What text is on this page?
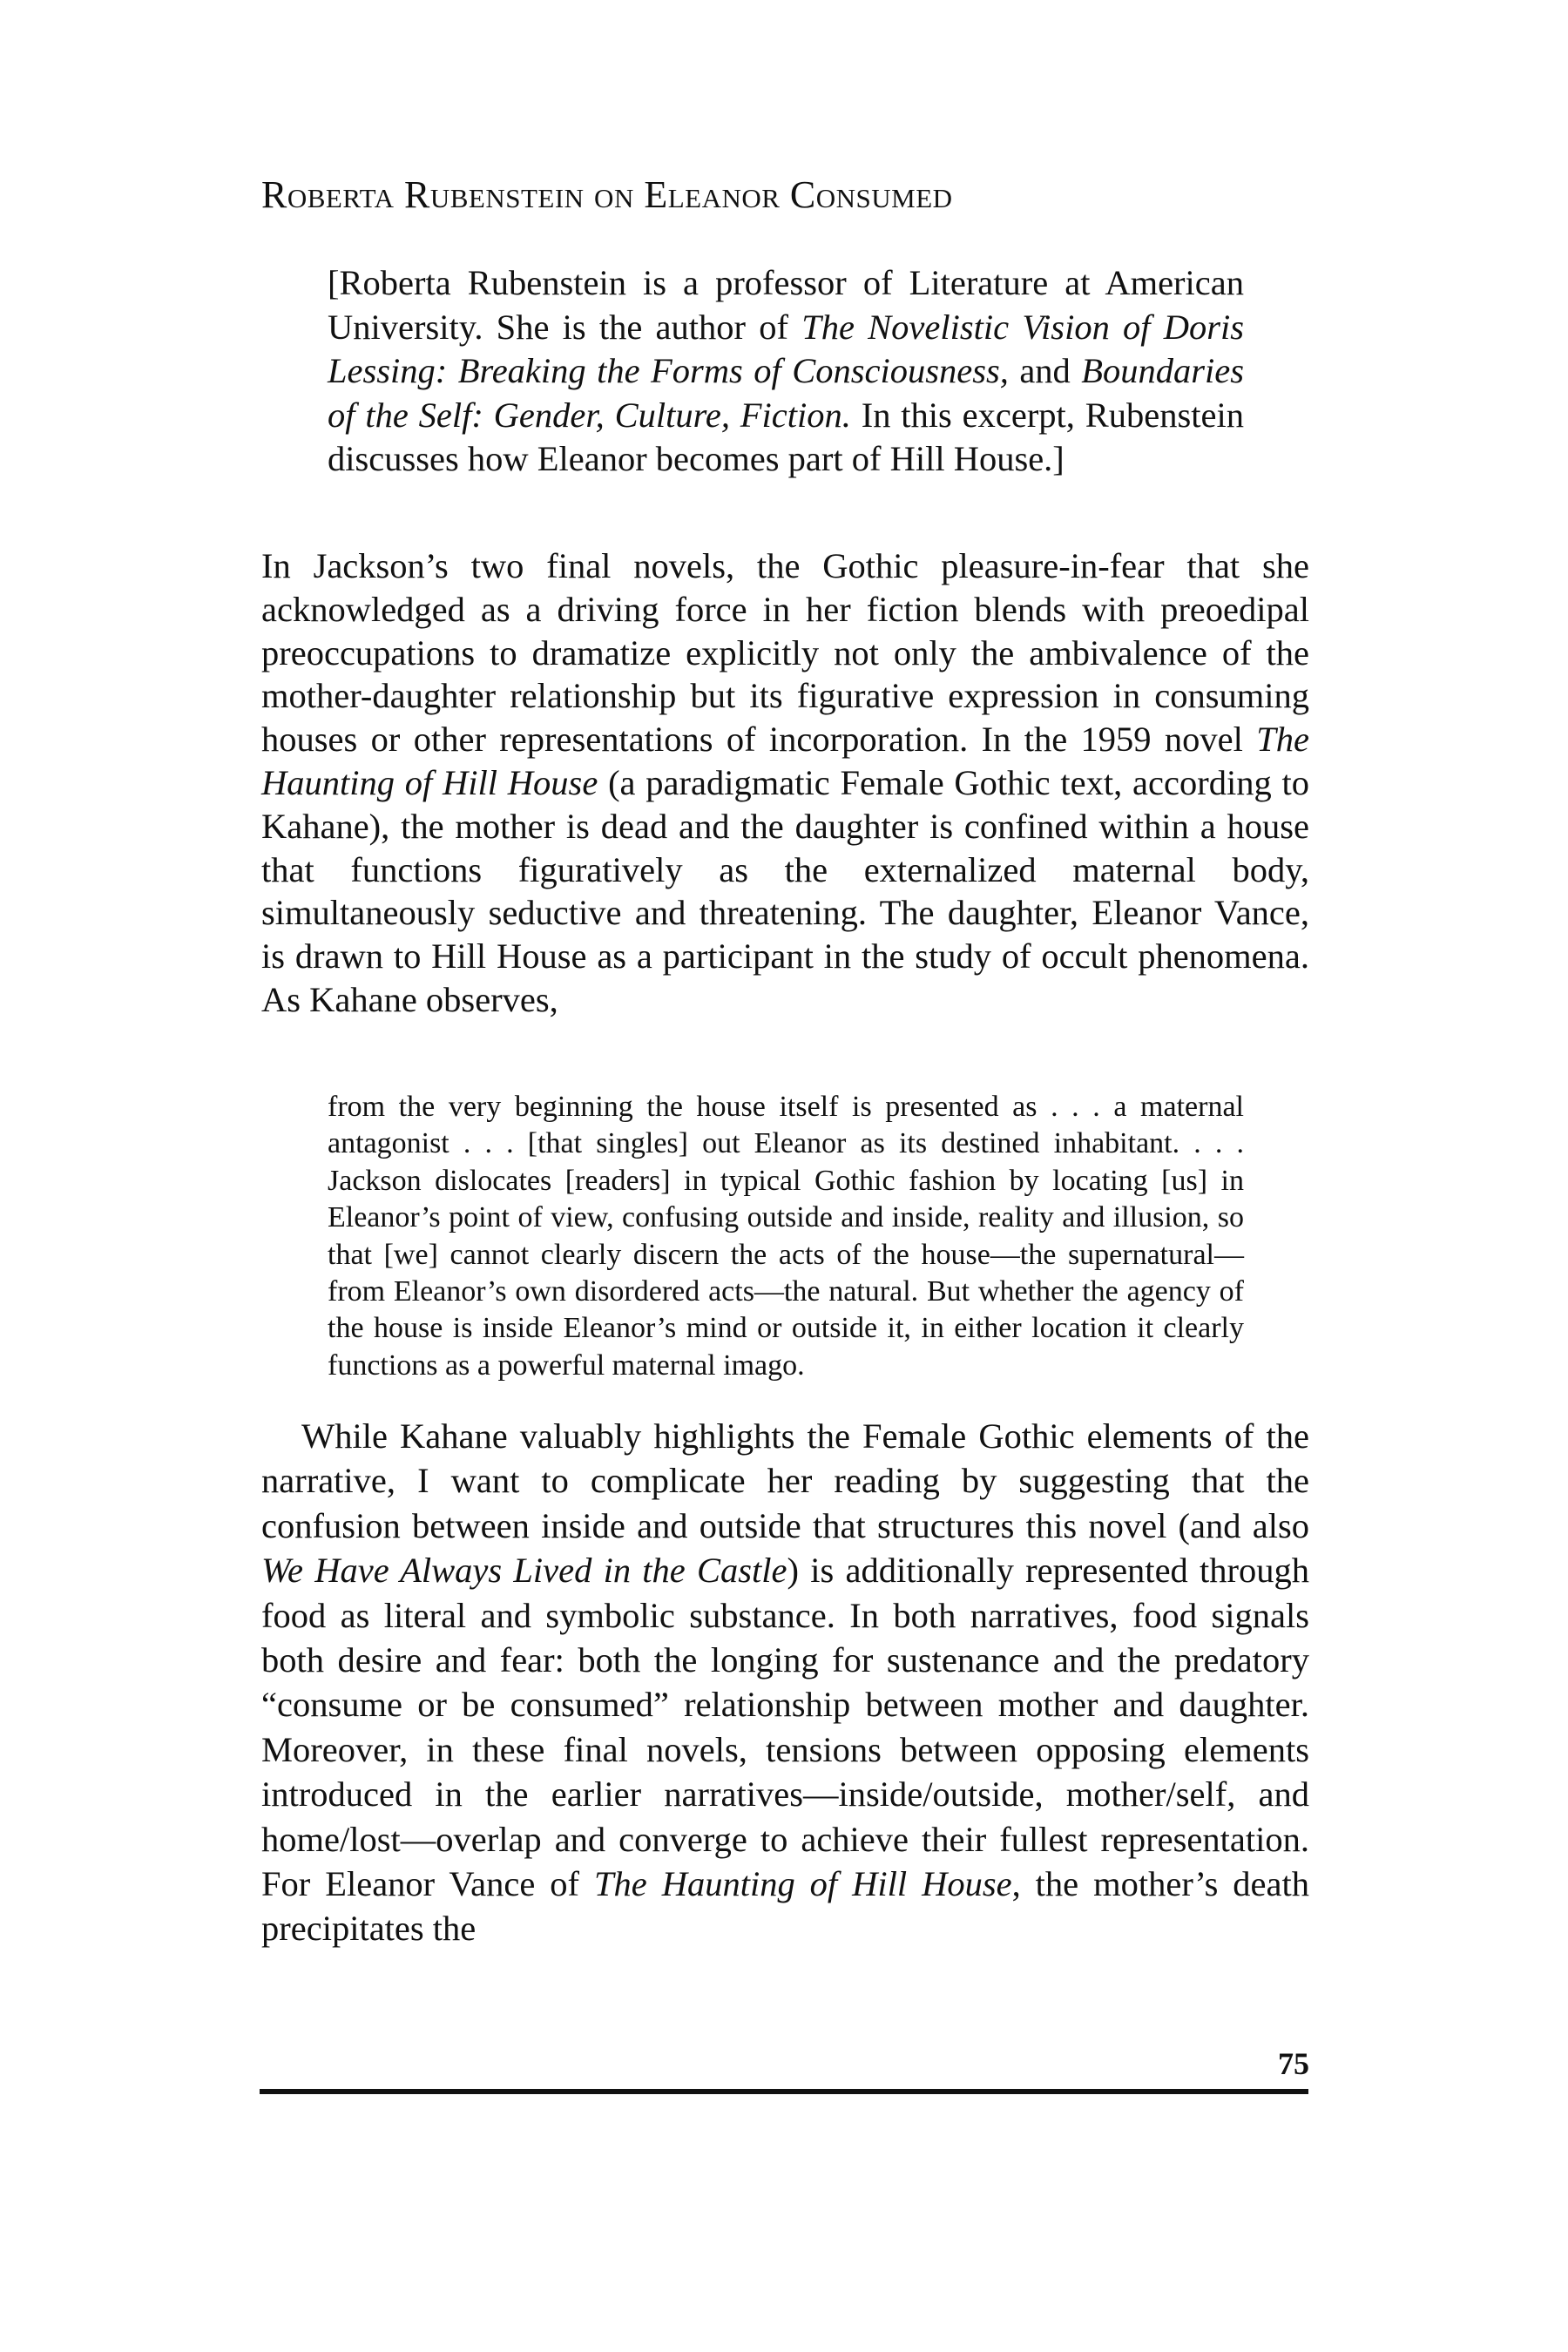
Roberta Rubenstein on Eleanor Consumed
[Roberta Rubenstein is a professor of Literature at American University. She is the author of The Novelistic Vision of Doris Lessing: Breaking the Forms of Consciousness, and Boundaries of the Self: Gender, Culture, Fiction. In this excerpt, Rubenstein discusses how Eleanor becomes part of Hill House.]
In Jackson’s two final novels, the Gothic pleasure-in-fear that she acknowledged as a driving force in her fiction blends with preoedipal preoccupations to dramatize explicitly not only the ambivalence of the mother-daughter relationship but its figurative expression in consuming houses or other representations of incorporation. In the 1959 novel The Haunting of Hill House (a paradigmatic Female Gothic text, according to Kahane), the mother is dead and the daughter is confined within a house that functions figuratively as the externalized maternal body, simultaneously seductive and threatening. The daughter, Eleanor Vance, is drawn to Hill House as a participant in the study of occult phenomena. As Kahane observes,
from the very beginning the house itself is presented as . . . a maternal antagonist . . . [that singles] out Eleanor as its destined inhabitant. . . . Jackson dislocates [readers] in typical Gothic fashion by locating [us] in Eleanor’s point of view, confusing outside and inside, reality and illusion, so that [we] cannot clearly discern the acts of the house—the supernatural—from Eleanor’s own disordered acts—the natural. But whether the agency of the house is inside Eleanor’s mind or outside it, in either location it clearly functions as a powerful maternal imago.
While Kahane valuably highlights the Female Gothic elements of the narrative, I want to complicate her reading by suggesting that the confusion between inside and outside that structures this novel (and also We Have Always Lived in the Castle) is additionally represented through food as literal and symbolic substance. In both narratives, food signals both desire and fear: both the longing for sustenance and the predatory “consume or be consumed” relationship between mother and daughter. Moreover, in these final novels, tensions between opposing elements introduced in the earlier narratives—inside/outside, mother/self, and home/lost—overlap and converge to achieve their fullest representation. For Eleanor Vance of The Haunting of Hill House, the mother’s death precipitates the
75
